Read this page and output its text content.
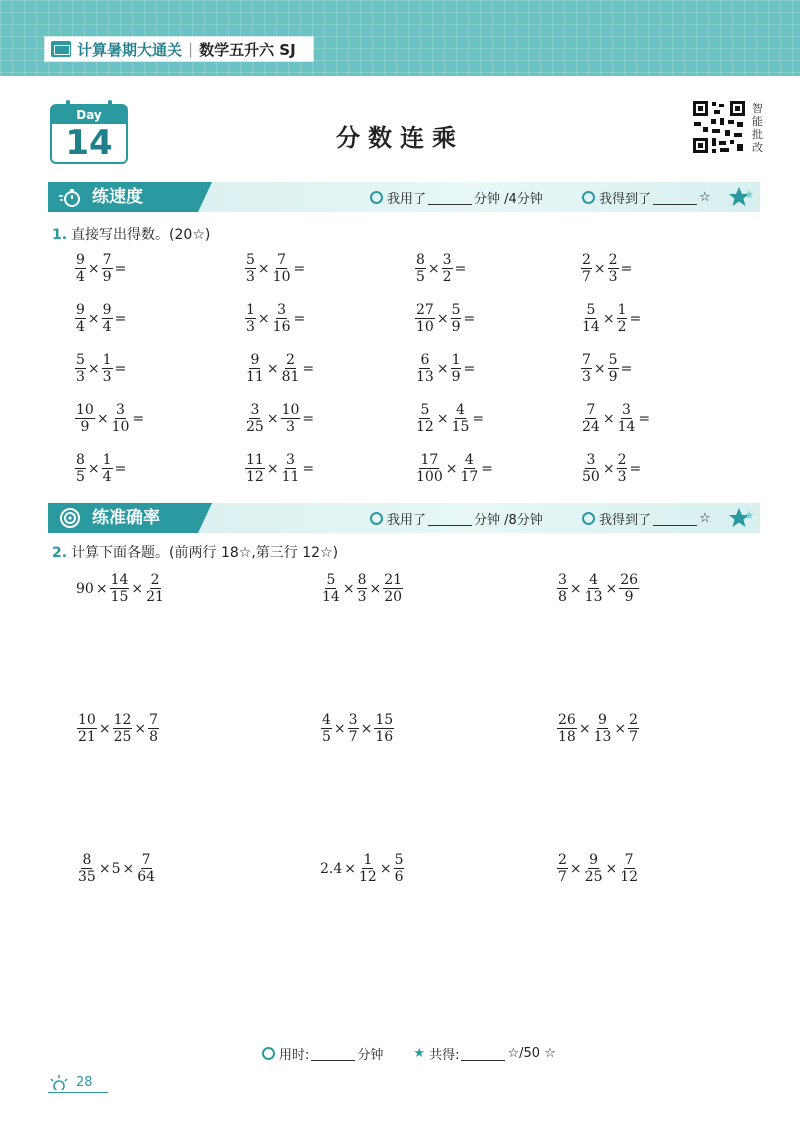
计算暑期大通关 | 数学五升六 SJ
Day
14	分数连乘
智能批改
练速度	我用了	分钟 /4分钟	我得到了	☆
1. 直接写出得数。(20☆)
$\frac{9}{4} \times \frac{7}{9}$ =	$\frac{5}{3} \times \frac{7}{10}$ =	$\frac{8}{5} \times \frac{3}{2}$ =	$\frac{2}{7} \times \frac{2}{3}$ =
$\frac{9}{4} \times \frac{9}{4}$ =	$\frac{1}{3} \times \frac{3}{16}$ =	$\frac{27}{10} \times \frac{5}{9}$ =	$\frac{5}{14} \times \frac{1}{2}$ =
$\frac{5}{3} \times \frac{1}{3}$ =	$\frac{9}{11} \times \frac{2}{81}$ =	$\frac{6}{13} \times \frac{1}{9}$ =	$\frac{7}{3} \times \frac{5}{9}$ =
$\frac{10}{9} \times \frac{3}{10}$ =	$\frac{3}{25} \times \frac{10}{3}$ =	$\frac{5}{12} \times \frac{4}{15}$ =	$\frac{7}{24} \times \frac{3}{14}$ =
$\frac{8}{5} \times \frac{1}{4}$ =	$\frac{11}{12} \times \frac{3}{11}$ =	$\frac{17}{100} \times \frac{4}{17}$ =	$\frac{3}{50} \times \frac{2}{3}$ =
练准确率	我用了	分钟 /8分钟	我得到了	☆
2. 计算下面各题。(前两行 18☆,第三行 12☆)
$90 \times \frac{14}{15} \times \frac{2}{21}$	$\frac{5}{14} \times \frac{8}{3} \times \frac{21}{20}$	$\frac{3}{8} \times \frac{4}{13} \times \frac{26}{9}$
$\frac{10}{21} \times \frac{12}{25} \times \frac{7}{8}$	$\frac{4}{5} \times \frac{3}{7} \times \frac{15}{16}$	$\frac{26}{18} \times \frac{9}{13} \times \frac{2}{7}$
$\frac{8}{35} \times 5 \times \frac{7}{64}$	$2.4 \times \frac{1}{12} \times \frac{5}{6}$	$\frac{2}{7} \times \frac{9}{25} \times \frac{7}{12}$
用时:	分钟 ★ 共得:	☆/50 ☆
28
